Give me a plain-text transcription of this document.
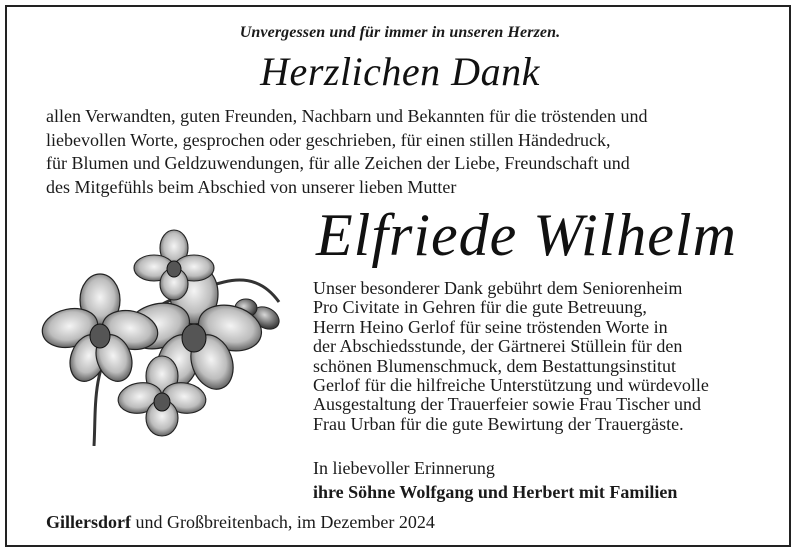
Unvergessen und für immer in unseren Herzen.
Herzlichen Dank
allen Verwandten, guten Freunden, Nachbarn und Bekannten für die tröstenden und
liebevollen Worte, gesprochen oder geschrieben, für einen stillen Händedruck,
für Blumen und Geldzuwendungen, für alle Zeichen der Liebe, Freundschaft und
des Mitgefühls beim Abschied von unserer lieben Mutter
Elfriede Wilhelm
Unser besonderer Dank gebührt dem Seniorenheim
Pro Civitate in Gehren für die gute Betreuung,
Herrn Heino Gerlof für seine tröstenden Worte in
der Abschiedsstunde, der Gärtnerei Stüllein für den
schönen Blumenschmuck, dem Bestattungsinstitut
Gerlof für die hilfreiche Unterstützung und würdevolle
Ausgestaltung der Trauerfeier sowie Frau Tischer und
Frau Urban für die gute Bewirtung der Trauergäste.
In liebevoller Erinnerung
ihre Söhne Wolfgang und Herbert mit Familien
Gillersdorf und Großbreitenbach, im Dezember 2024
